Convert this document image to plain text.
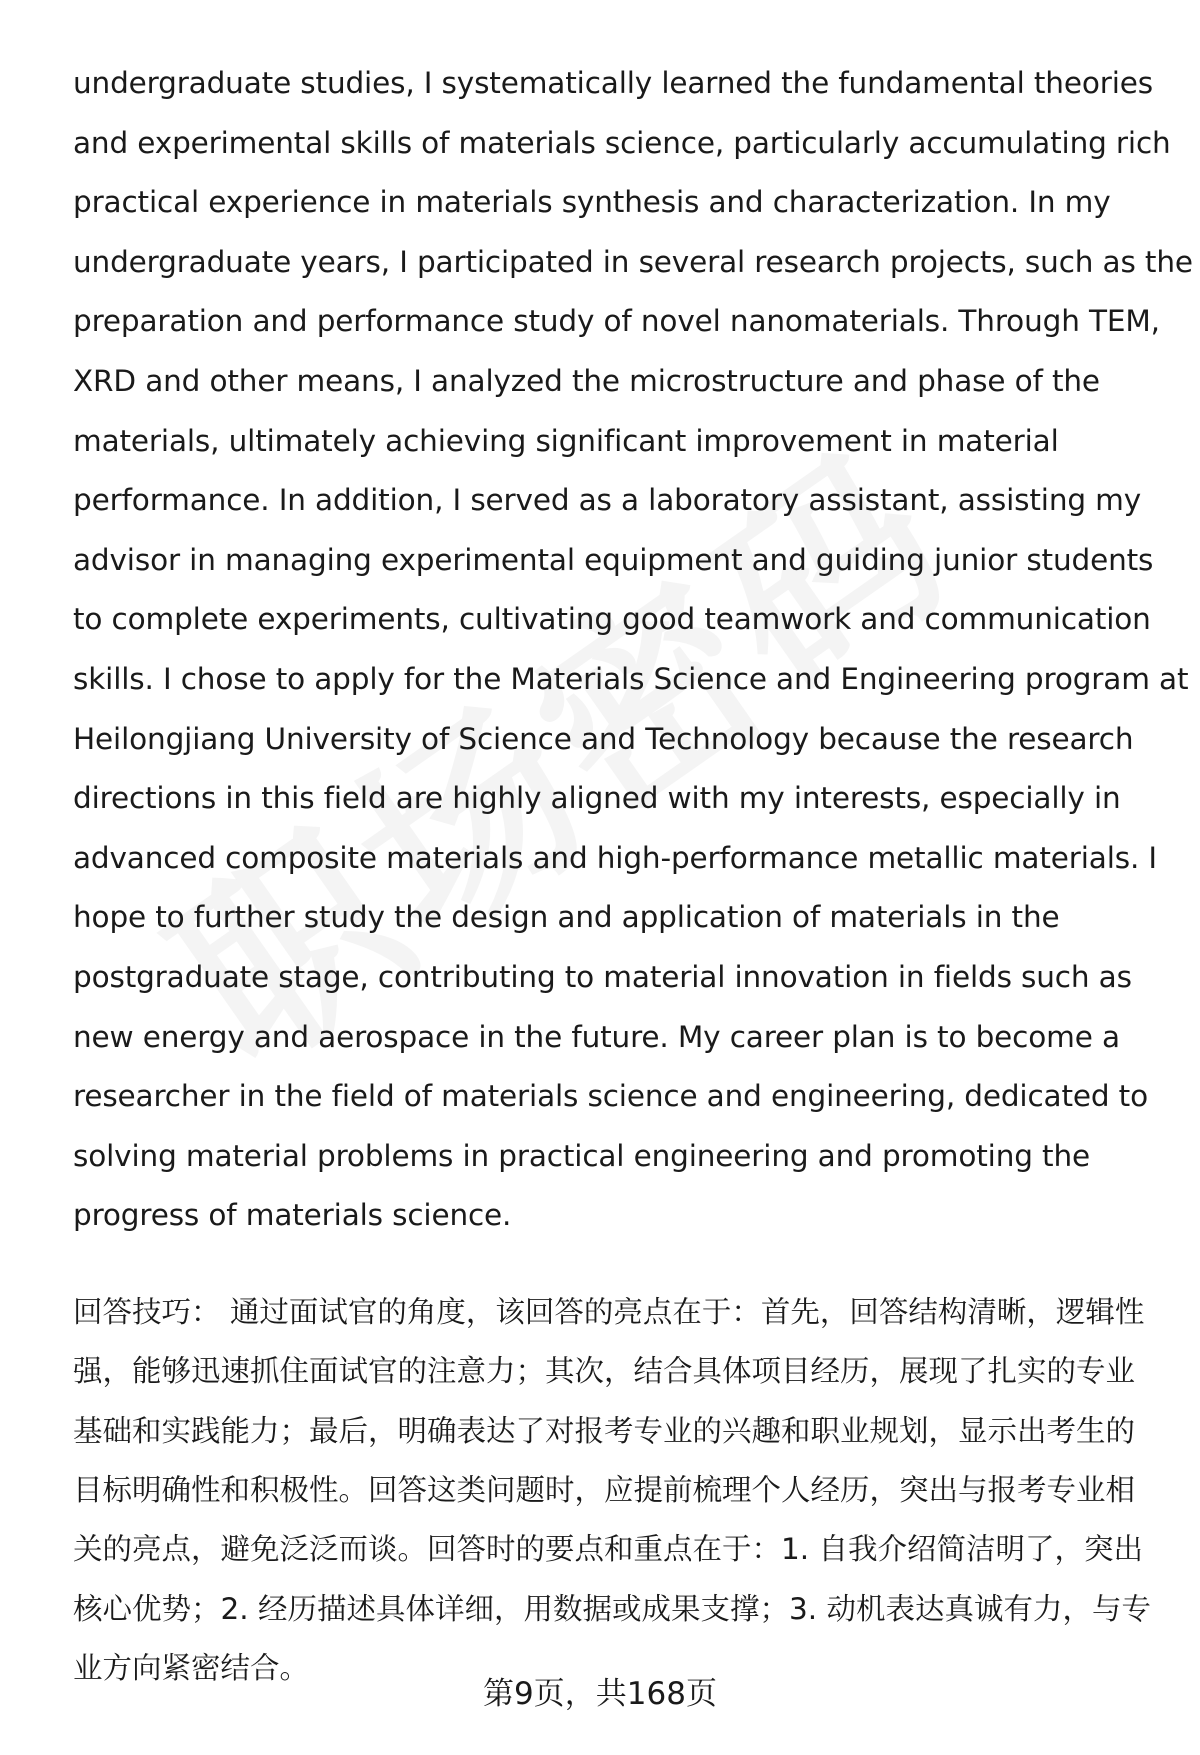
undergraduate studies, I systematically learned the fundamental theories
and experimental skills of materials science, particularly accumulating rich
practical experience in materials synthesis and characterization. In my
undergraduate years, I participated in several research projects, such as the
preparation and performance study of novel nanomaterials. Through TEM,
XRD and other means, I analyzed the microstructure and phase of the
materials, ultimately achieving significant improvement in material
performance. In addition, I served as a laboratory assistant, assisting my
advisor in managing experimental equipment and guiding junior students
to complete experiments, cultivating good teamwork and communication
skills. I chose to apply for the Materials Science and Engineering program at
Heilongjiang University of Science and Technology because the research
directions in this field are highly aligned with my interests, especially in
advanced composite materials and high-performance metallic materials. I
hope to further study the design and application of materials in the
postgraduate stage, contributing to material innovation in fields such as
new energy and aerospace in the future. My career plan is to become a
researcher in the field of materials science and engineering, dedicated to
solving material problems in practical engineering and promoting the
progress of materials science.
回答技巧： 通过面试官的角度，该回答的亮点在于：首先，回答结构清晰，逻辑性
强，能够迅速抓住面试官的注意力；其次，结合具体项目经历，展现了扎实的专业
基础和实践能力；最后，明确表达了对报考专业的兴趣和职业规划，显示出考生的
目标明确性和积极性。回答这类问题时，应提前梳理个人经历，突出与报考专业相
关的亮点，避免泛泛而谈。回答时的要点和重点在于：1. 自我介绍简洁明了，突出
核心优势；2. 经历描述具体详细，用数据或成果支撑；3. 动机表达真诚有力，与专
业方向紧密结合。
第9页，共168页
